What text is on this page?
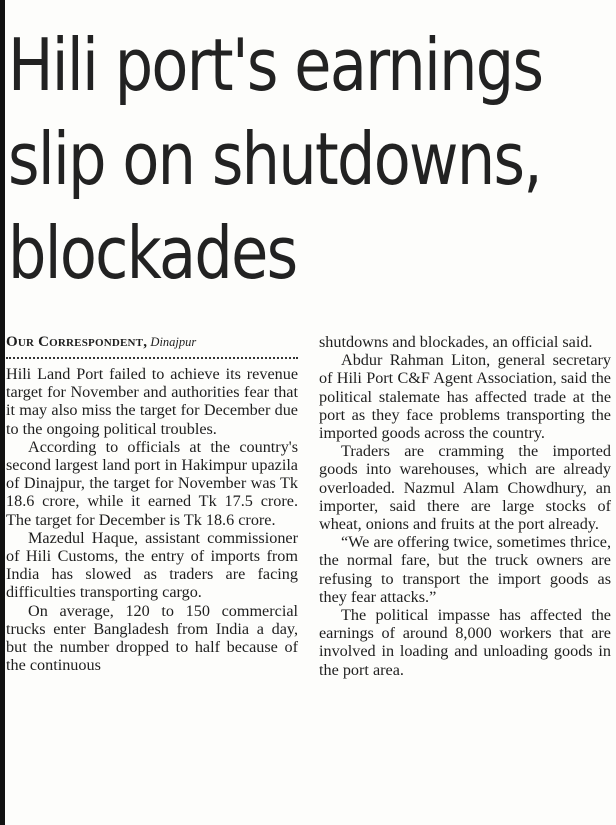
Hili port's earnings
slip on shutdowns,
blockades
Our Correspondent, Dinajpur

Hili Land Port failed to achieve its revenue target for November and authorities fear that it may also miss the target for December due to the ongoing political troubles.

According to officials at the country's second largest land port in Hakimpur upazila of Dinajpur, the target for November was Tk 18.6 crore, while it earned Tk 17.5 crore. The target for December is Tk 18.6 crore.

Mazedul Haque, assistant commissioner of Hili Customs, the entry of imports from India has slowed as traders are facing difficulties transporting cargo.

On average, 120 to 150 commercial trucks enter Bangladesh from India a day, but the number dropped to half because of the continuous

shutdowns and blockades, an official said.

Abdur Rahman Liton, general secretary of Hili Port C&F Agent Association, said the political stalemate has affected trade at the port as they face problems transporting the imported goods across the country.

Traders are cramming the imported goods into warehouses, which are already overloaded. Nazmul Alam Chowdhury, an importer, said there are large stocks of wheat, onions and fruits at the port already.

“We are offering twice, sometimes thrice, the normal fare, but the truck owners are refusing to transport the import goods as they fear attacks.”

The political impasse has affected the earnings of around 8,000 workers that are involved in loading and unloading goods in the port area.
